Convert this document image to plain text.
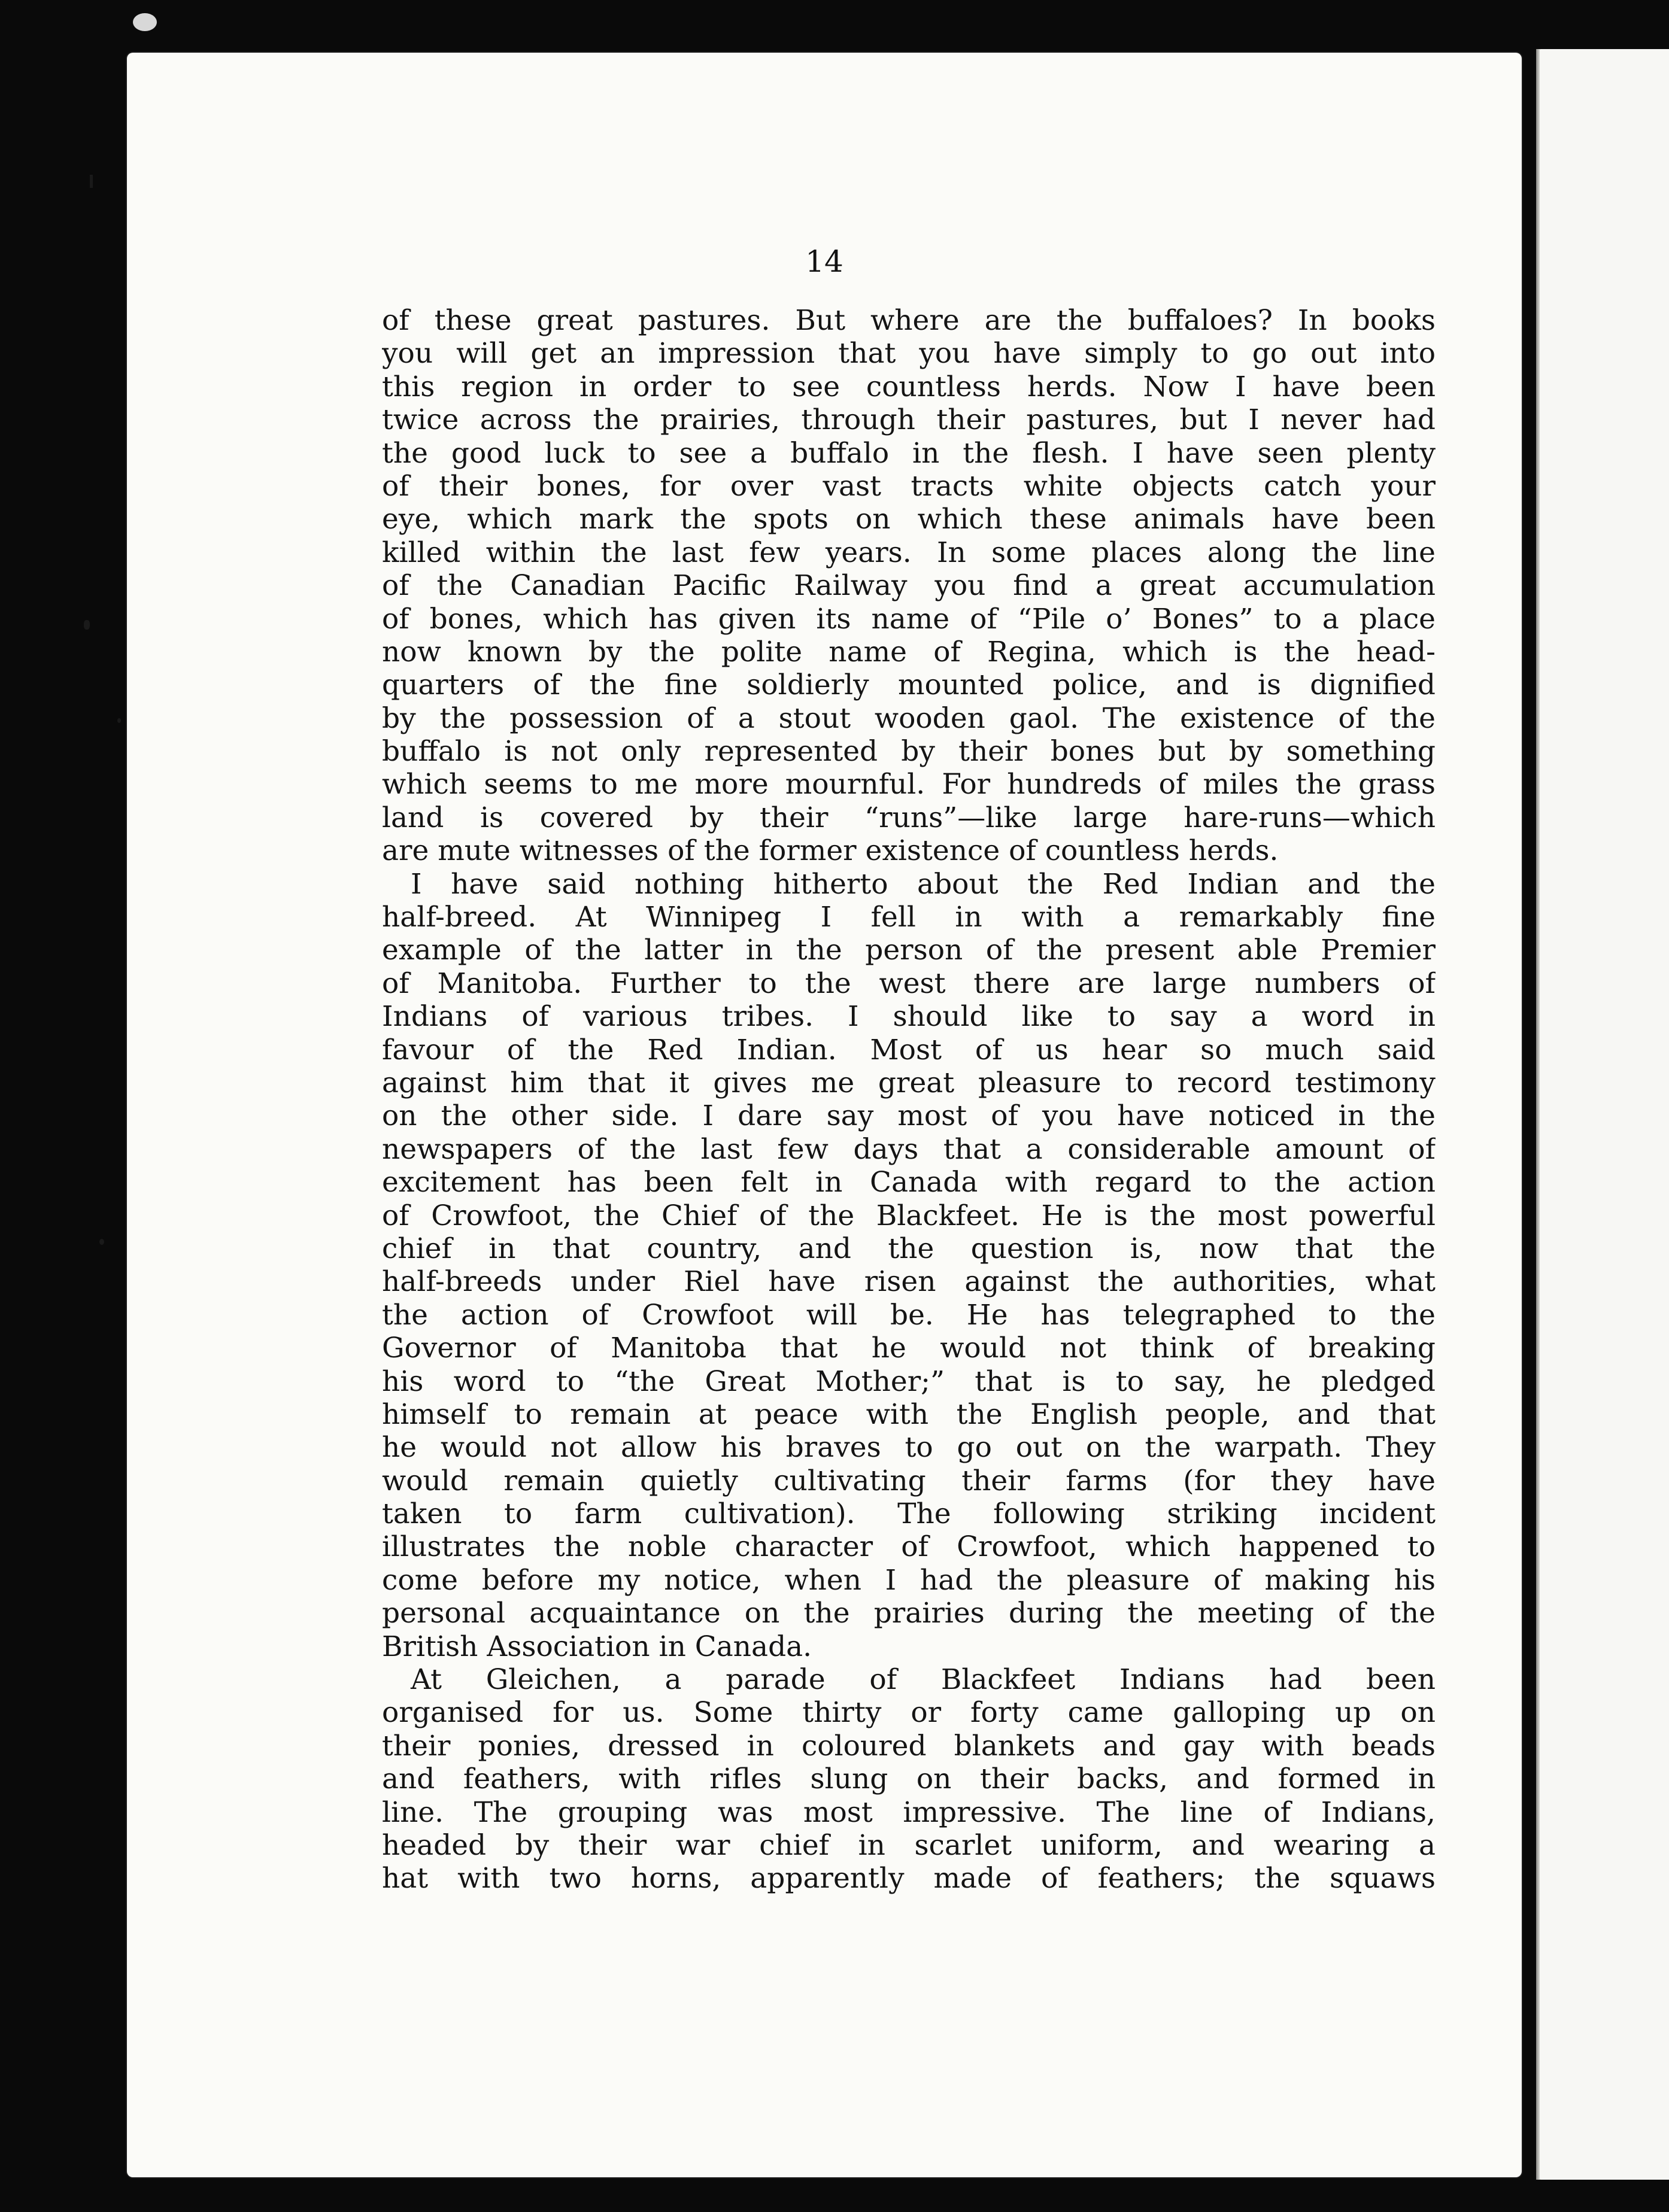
14
of these great pastures. But where are the buffaloes? In books
you will get an impression that you have simply to go out into
this region in order to see countless herds. Now I have been
twice across the prairies, through their pastures, but I never had
the good luck to see a buffalo in the flesh. I have seen plenty
of their bones, for over vast tracts white objects catch your
eye, which mark the spots on which these animals have been
killed within the last few years. In some places along the line
of the Canadian Pacific Railway you find a great accumulation
of bones, which has given its name of “Pile o’ Bones” to a place
now known by the polite name of Regina, which is the head-
quarters of the fine soldierly mounted police, and is dignified
by the possession of a stout wooden gaol. The existence of the
buffalo is not only represented by their bones but by something
which seems to me more mournful. For hundreds of miles the grass
land is covered by their “runs”—like large hare-runs—which
are mute witnesses of the former existence of countless herds.
I have said nothing hitherto about the Red Indian and the
half-breed. At Winnipeg I fell in with a remarkably fine
example of the latter in the person of the present able Premier
of Manitoba. Further to the west there are large numbers of
Indians of various tribes. I should like to say a word in
favour of the Red Indian. Most of us hear so much said
against him that it gives me great pleasure to record testimony
on the other side. I dare say most of you have noticed in the
newspapers of the last few days that a considerable amount of
excitement has been felt in Canada with regard to the action
of Crowfoot, the Chief of the Blackfeet. He is the most powerful
chief in that country, and the question is, now that the
half-breeds under Riel have risen against the authorities, what
the action of Crowfoot will be. He has telegraphed to the
Governor of Manitoba that he would not think of breaking
his word to “the Great Mother;” that is to say, he pledged
himself to remain at peace with the English people, and that
he would not allow his braves to go out on the warpath. They
would remain quietly cultivating their farms (for they have
taken to farm cultivation). The following striking incident
illustrates the noble character of Crowfoot, which happened to
come before my notice, when I had the pleasure of making his
personal acquaintance on the prairies during the meeting of the
British Association in Canada.
At Gleichen, a parade of Blackfeet Indians had been
organised for us. Some thirty or forty came galloping up on
their ponies, dressed in coloured blankets and gay with beads
and feathers, with rifles slung on their backs, and formed in
line. The grouping was most impressive. The line of Indians,
headed by their war chief in scarlet uniform, and wearing a
hat with two horns, apparently made of feathers; the squaws
